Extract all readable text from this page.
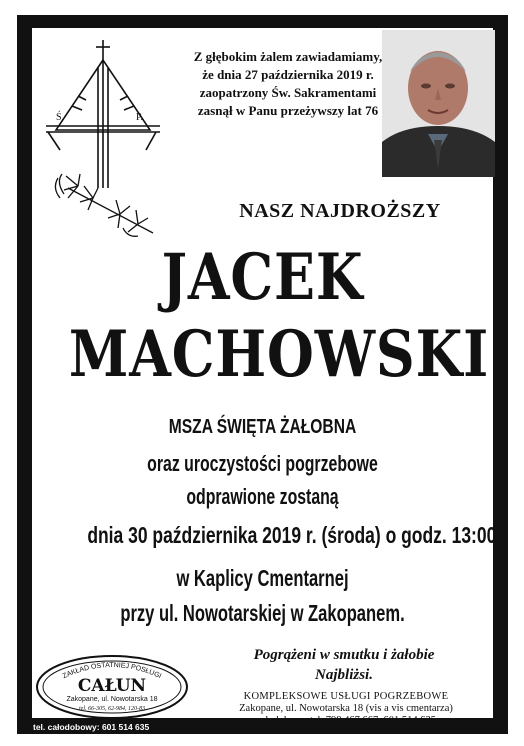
Ś.	P.
Z głębokim żalem zawiadamiamy,
że dnia 27 października 2019 r.
zaopatrzony Św. Sakramentami
zasnął w Panu przeżywszy lat 76
NASZ NAJDROŻSZY
JACEK
MACHOWSKI
MSZA ŚWIĘTA ŻAŁOBNA
oraz uroczystości pogrzebowe
odprawione zostaną
dnia 30 października 2019 r. (środa) o godz. 13:00
w Kaplicy Cmentarnej
przy ul. Nowotarskiej w Zakopanem.
Pogrążeni w smutku i żałobie
Najbliżsi.
ZAKŁAD OSTATNIEJ POSŁUGI
CAŁUN
Zakopane, ul. Nowotarska 18
tel. 66-305, 62-984, 120-83
KOMPLEKSOWE USŁUGI POGRZEBOWE
Zakopane, ul. Nowotarska 18 (vis a vis cmentarza)
całodobowy tel. 798 467 667, 601 514 635
tel. całodobowy: 601 514 635
